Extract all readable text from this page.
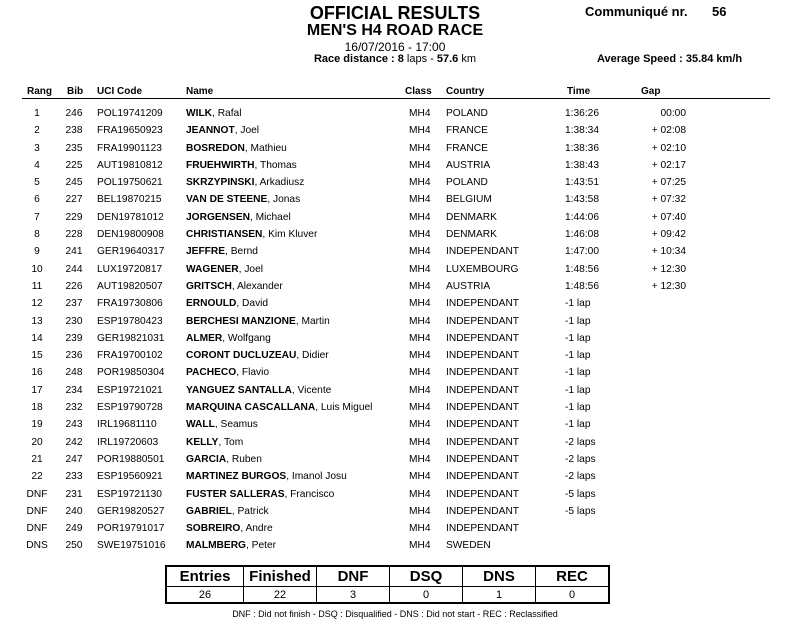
OFFICIAL RESULTS
MEN'S H4 ROAD RACE
16/07/2016 - 17:00
Race distance : 8 laps - 57.6 km
Communiqué nr. 56
Average Speed : 35.84 km/h
Rang Bib UCI Code	Name	Class Country	Time	Gap
1	246	POL19741209 WILK, Rafal	MH4 POLAND	1:36:26	00:00
2	238	FRA19650923 JEANNOT, Joel	MH4 FRANCE	1:38:34	+ 02:08
3	235	FRA19901123 BOSREDON, Mathieu	MH4 FRANCE	1:38:36	+ 02:10
4	225	AUT19810812 FRUEHWIRTH, Thomas	MH4 AUSTRIA	1:38:43	+ 02:17
5	245	POL19750621 SKRZYPINSKI, Arkadiusz	MH4 POLAND	1:43:51	+ 07:25
6	227	BEL19870215 VAN DE STEENE, Jonas	MH4 BELGIUM	1:43:58	+ 07:32
7	229	DEN19781012 JORGENSEN, Michael	MH4 DENMARK	1:44:06	+ 07:40
8	228	DEN19800908 CHRISTIANSEN, Kim Kluver	MH4 DENMARK	1:46:08	+ 09:42
9	241	GER19640317 JEFFRE, Bernd	MH4 INDEPENDANT	1:47:00	+ 10:34
10	244	LUX19720817 WAGENER, Joel	MH4 LUXEMBOURG	1:48:56	+ 12:30
11	226	AUT19820507 GRITSCH, Alexander	MH4 AUSTRIA	1:48:56	+ 12:30
12	237	FRA19730806 ERNOULD, David	MH4 INDEPENDANT	-1 lap
13	230	ESP19780423 BERCHESI MANZIONE, Martin	MH4 INDEPENDANT	-1 lap
14	239	GER19821031 ALMER, Wolfgang	MH4 INDEPENDANT	-1 lap
15	236	FRA19700102 CORONT DUCLUZEAU, Didier	MH4 INDEPENDANT	-1 lap
16	248	POR19850304 PACHECO, Flavio	MH4 INDEPENDANT	-1 lap
17	234	ESP19721021 YANGUEZ SANTALLA, Vicente	MH4 INDEPENDANT	-1 lap
18	232	ESP19790728 MARQUINA CASCALLANA, Luis Miguel	MH4 INDEPENDANT	-1 lap
19	243	IRL19681110	WALL, Seamus	MH4 INDEPENDANT	-1 lap
20	242	IRL19720603	KELLY, Tom	MH4 INDEPENDANT	-2 laps
21	247	POR19880501 GARCIA, Ruben	MH4 INDEPENDANT	-2 laps
22	233	ESP19560921 MARTINEZ BURGOS, Imanol Josu	MH4 INDEPENDANT	-2 laps
DNF	231	ESP19721130 FUSTER SALLERAS, Francisco	MH4 INDEPENDANT	-5 laps
DNF	240	GER19820527 GABRIEL, Patrick	MH4 INDEPENDANT	-5 laps
DNF	249	POR19791017 SOBREIRO, Andre	MH4 INDEPENDANT
DNS	250	SWE19751016 MALMBERG, Peter	MH4 SWEDEN
Entries	Finished	DNF	DSQ	DNS	REC
26	22	3	0	1	0
DNF : Did not finish - DSQ : Disqualified - DNS : Did not start - REC : Reclassified
